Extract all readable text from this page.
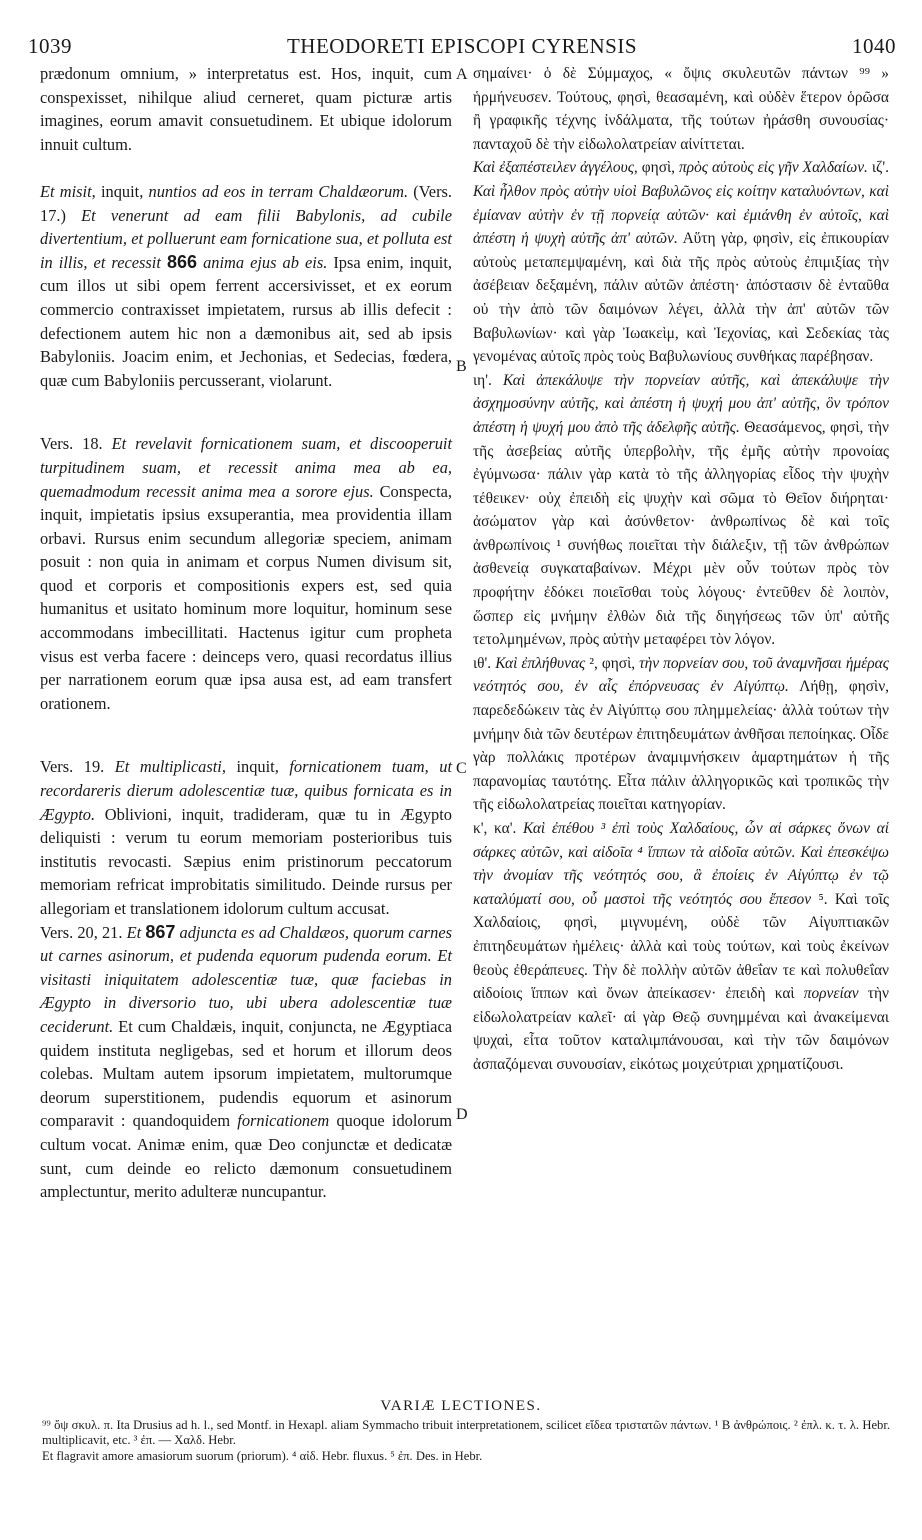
1039	THEODORETI EPISCOPI CYRENSIS	1040

prædonum omnium, » interpretatus est. Hos, inquit, cum conspexisset, nihilque aliud cerneret, quam picturæ artis imagines, eorum amavit consuetudinem. Et ubique idolorum innuit cultum.

Et misit, inquit, nuntios ad eos in terram Chaldæorum. (Vers. 17.) Et venerunt ad eam filii Babylonis, ad cubile divertentium, et polluerunt eam fornicatione sua, et polluta est in illis, et recessit 866 anima ejus ab eis. Ipsa enim, inquit, cum illos ut sibi opem ferrent accersivisset, et ex eorum commercio contraxisset impietatem, rursus ab illis defecit : defectionem autem hic non a dæmonibus ait, sed ab ipsis Babyloniis. Joacim enim, et Jechonias, et Sedecias, fœdera, quæ cum Babyloniis percusserant, violarunt.

Vers. 18. Et revelavit fornicationem suam, et discooperuit turpitudinem suam, et recessit anima mea ab ea, quemadmodum recessit anima mea a sorore ejus. Conspecta, inquit, impietatis ipsius exsuperantia, mea providentia illam orbavi. Rursus enim secundum allegoriæ speciem, animam posuit : non quia in animam et corpus Numen divisum sit, quod et corporis et compositionis expers est, sed quia humanitus et usitato hominum more loquitur, hominum sese accommodans imbecillitati. Hactenus igitur cum propheta visus est verba facere : deinceps vero, quasi recordatus illius per narrationem eorum quæ ipsa ausa est, ad eam transfert orationem.

Vers. 19. Et multiplicasti, inquit, fornicationem tuam, ut recordareris dierum adolescentiæ tuæ, quibus fornicata es in Ægypto. Oblivioni, inquit, tradideram, quæ tu in Ægypto deliquisti : verum tu eorum memoriam posterioribus tuis institutis revocasti. Sæpius enim pristinorum peccatorum memoriam refricat improbitatis similitudo. Deinde rursus per allegoriam et translationem idolorum cultum accusat.

Vers. 20, 21. Et 867 adjuncta es ad Chaldæos, quorum carnes ut carnes asinorum, et pudenda equorum pudenda eorum. Et visitasti iniquitatem adolescentiæ tuæ, quæ faciebas in Ægypto in diversorio tuo, ubi ubera adolescentiæ tuæ ceciderunt. Et cum Chaldæis, inquit, conjuncta, ne Ægyptiaca quidem instituta negligebas, sed et horum et illorum deos colebas. Multam autem ipsorum impietatem, multorumque deorum superstitionem, pudendis equorum et asinorum comparavit : quandoquidem fornicationem quoque idolorum cultum vocat. Animæ enim, quæ Deo conjunctæ et dedicatæ sunt, cum deinde eo relicto dæmonum consuetudinem amplectuntur, merito adulteræ nuncupantur.

A
B
C
D

σημαίνει· ὁ δὲ Σύμμαχος, « ὄψις σκυλευτῶν πάντων ⁹⁹ » ἡρμήνευσεν. Τούτους, φησὶ, θεασαμένη, καὶ οὐδὲν ἕτερον ὁρῶσα ἢ γραφικῆς τέχνης ἰνδάλματα, τῆς τούτων ἠράσθη συνουσίας· πανταχοῦ δὲ τὴν εἰδωλολατρείαν αἰνίττεται.

Καὶ ἐξαπέστειλεν ἀγγέλους, φησὶ, πρὸς αὐτοὺς εἰς γῆν Χαλδαίων. ιζ'. Καὶ ἦλθον πρὸς αὐτὴν υἱοὶ Βαβυλῶνος εἰς κοίτην καταλυόντων, καὶ ἐμίαναν αὐτὴν ἐν τῇ πορνείᾳ αὐτῶν· καὶ ἐμιάνθη ἐν αὐτοῖς, καὶ ἀπέστη ἡ ψυχὴ αὐτῆς ἀπ' αὐτῶν. Αὕτη γὰρ, φησὶν, εἰς ἐπικουρίαν αὐτοὺς μεταπεμψαμένη, καὶ διὰ τῆς πρὸς αὐτοὺς ἐπιμιξίας τὴν ἀσέβειαν δεξαμένη, πάλιν αὐτῶν ἀπέστη· ἀπόστασιν δὲ ἐνταῦθα οὐ τὴν ἀπὸ τῶν δαιμόνων λέγει, ἀλλὰ τὴν ἀπ' αὐτῶν τῶν Βαβυλωνίων· καὶ γὰρ Ἰωακεὶμ, καὶ Ἰεχονίας, καὶ Σεδεκίας τὰς γενομένας αὐτοῖς πρὸς τοὺς Βαβυλωνίους συνθήκας παρέβησαν.

ιη'. Καὶ ἀπεκάλυψε τὴν πορνείαν αὐτῆς, καὶ ἀπεκάλυψε τὴν ἀσχημοσύνην αὐτῆς, καὶ ἀπέστη ἡ ψυχή μου ἀπ' αὐτῆς, ὃν τρόπον ἀπέστη ἡ ψυχή μου ἀπὸ τῆς ἀδελφῆς αὐτῆς. Θεασάμενος, φησὶ, τὴν τῆς ἀσεβείας αὐτῆς ὑπερβολὴν, τῆς ἐμῆς αὐτὴν προνοίας ἐγύμνωσα· πάλιν γὰρ κατὰ τὸ τῆς ἀλληγορίας εἶδος τὴν ψυχὴν τέθεικεν· οὐχ ἐπειδὴ εἰς ψυχὴν καὶ σῶμα τὸ Θεῖον διήρηται· ἀσώματον γὰρ καὶ ἀσύνθετον· ἀνθρωπίνως δὲ καὶ τοῖς ἀνθρωπίνοις ¹ συνήθως ποιεῖται τὴν διάλεξιν, τῇ τῶν ἀνθρώπων ἀσθενείᾳ συγκαταβαίνων. Μέχρι μὲν οὖν τούτων πρὸς τὸν προφήτην ἐδόκει ποιεῖσθαι τοὺς λόγους· ἐντεῦθεν δὲ λοιπὸν, ὥσπερ εἰς μνήμην ἐλθὼν διὰ τῆς διηγήσεως τῶν ὑπ' αὐτῆς τετολμημένων, πρὸς αὐτὴν μεταφέρει τὸν λόγον.

ιθ'. Καὶ ἐπλήθυνας ², φησὶ, τὴν πορνείαν σου, τοῦ ἀναμνῆσαι ἡμέρας νεότητός σου, ἐν αἷς ἐπόρνευσας ἐν Αἰγύπτῳ. Λήθῃ, φησὶν, παρεδεδώκειν τὰς ἐν Αἰγύπτῳ σου πλημμελείας· ἀλλὰ τούτων τὴν μνήμην διὰ τῶν δευτέρων ἐπιτηδευμάτων ἀνθῆσαι πεποίηκας. Οἶδε γὰρ πολλάκις προτέρων ἀναμιμνήσκειν ἁμαρτημάτων ἡ τῆς παρανομίας ταυτότης. Εἶτα πάλιν ἀλληγορικῶς καὶ τροπικῶς τὴν τῆς εἰδωλολατρείας ποιεῖται κατηγορίαν.

κ', κα'. Καὶ ἐπέθου ³ ἐπὶ τοὺς Χαλδαίους, ὧν αἱ σάρκες ὄνων αἱ σάρκες αὐτῶν, καὶ αἰδοῖα ⁴ ἵππων τὰ αἰδοῖα αὐτῶν. Καὶ ἐπεσκέψω τὴν ἀνομίαν τῆς νεότητός σου, ἃ ἐποίεις ἐν Αἰγύπτῳ ἐν τῷ καταλύματί σου, οὗ μαστοὶ τῆς νεότητός σου ἔπεσον ⁵. Καὶ τοῖς Χαλδαίοις, φησὶ, μιγνυμένη, οὐδὲ τῶν Αἰγυπτιακῶν ἐπιτηδευμάτων ἠμέλεις· ἀλλὰ καὶ τοὺς τούτων, καὶ τοὺς ἐκείνων θεοὺς ἐθεράπευες. Τὴν δὲ πολλὴν αὐτῶν ἀθεΐαν τε καὶ πολυθεΐαν αἰδοίοις ἵππων καὶ ὄνων ἀπείκασεν· ἐπειδὴ καὶ πορνείαν τὴν εἰδωλολατρείαν καλεῖ· αἱ γὰρ Θεῷ συνημμέναι καὶ ἀνακείμεναι ψυχαὶ, εἶτα τοῦτον καταλιμπάνουσαι, καὶ τὴν τῶν δαιμόνων ἀσπαζόμεναι συνουσίαν, εἰκότως μοιχεύτριαι χρηματίζουσι.

VARIÆ LECTIONES.

⁹⁹ ὄψ σκυλ. π. Ita Drusius ad h. l., sed Montf. in Hexapl. aliam Symmacho tribuit interpretationem, scilicet εἴδεα τριστατῶν πάντων. ¹ B ἀνθρώποις. ² ἐπλ. κ. τ. λ. Hebr. multiplicavit, etc. ³ ἐπ. — Χαλδ. Hebr.

Et flagravit amore amasiorum suorum (priorum). ⁴ αἰδ. Hebr. fluxus. ⁵ ἐπ. Des. in Hebr.
